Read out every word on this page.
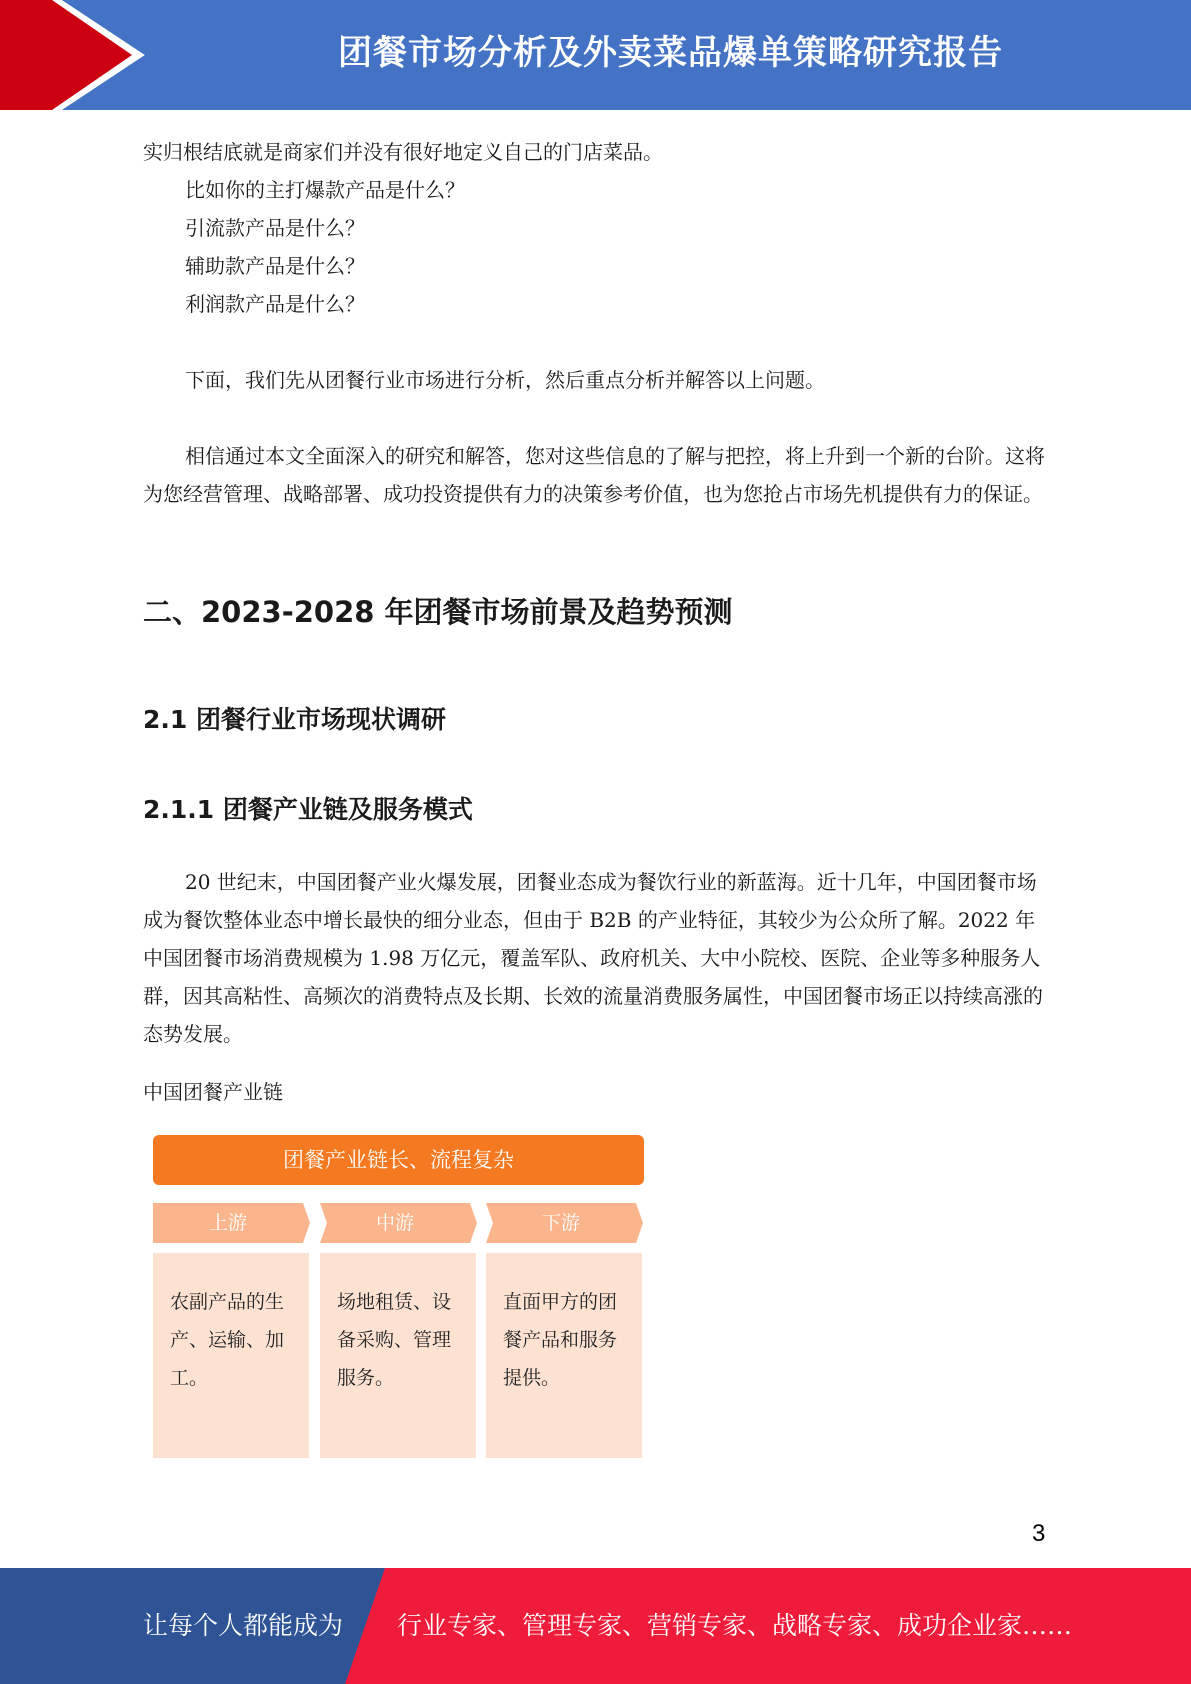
团餐市场分析及外卖菜品爆单策略研究报告

实归根结底就是商家们并没有很好地定义自己的门店菜品。

比如你的主打爆款产品是什么？

引流款产品是什么？

辅助款产品是什么？

利润款产品是什么？

下面，我们先从团餐行业市场进行分析，然后重点分析并解答以上问题。

相信通过本文全面深入的研究和解答，您对这些信息的了解与把控，将上升到一个新的台阶。这将为您经营管理、战略部署、成功投资提供有力的决策参考价值，也为您抢占市场先机提供有力的保证。

二、2023-2028 年团餐市场前景及趋势预测
2.1 团餐行业市场现状调研
2.1.1 团餐产业链及服务模式

20 世纪末，中国团餐产业火爆发展，团餐业态成为餐饮行业的新蓝海。近十几年，中国团餐市场成为餐饮整体业态中增长最快的细分业态，但由于 B2B 的产业特征，其较少为公众所了解。2022 年中国团餐市场消费规模为 1.98 万亿元，覆盖军队、政府机关、大中小院校、医院、企业等多种服务人群，因其高粘性、高频次的消费特点及长期、长效的流量消费服务属性，中国团餐市场正以持续高涨的态势发展。

中国团餐产业链

团餐产业链长、流程复杂
上游
农副产品的生产、运输、加工。
中游
场地租赁、设备采购、管理服务。
下游
直面甲方的团餐产品和服务提供。
3
让每个人都能成为 行业专家、管理专家、营销专家、战略专家、成功企业家……
